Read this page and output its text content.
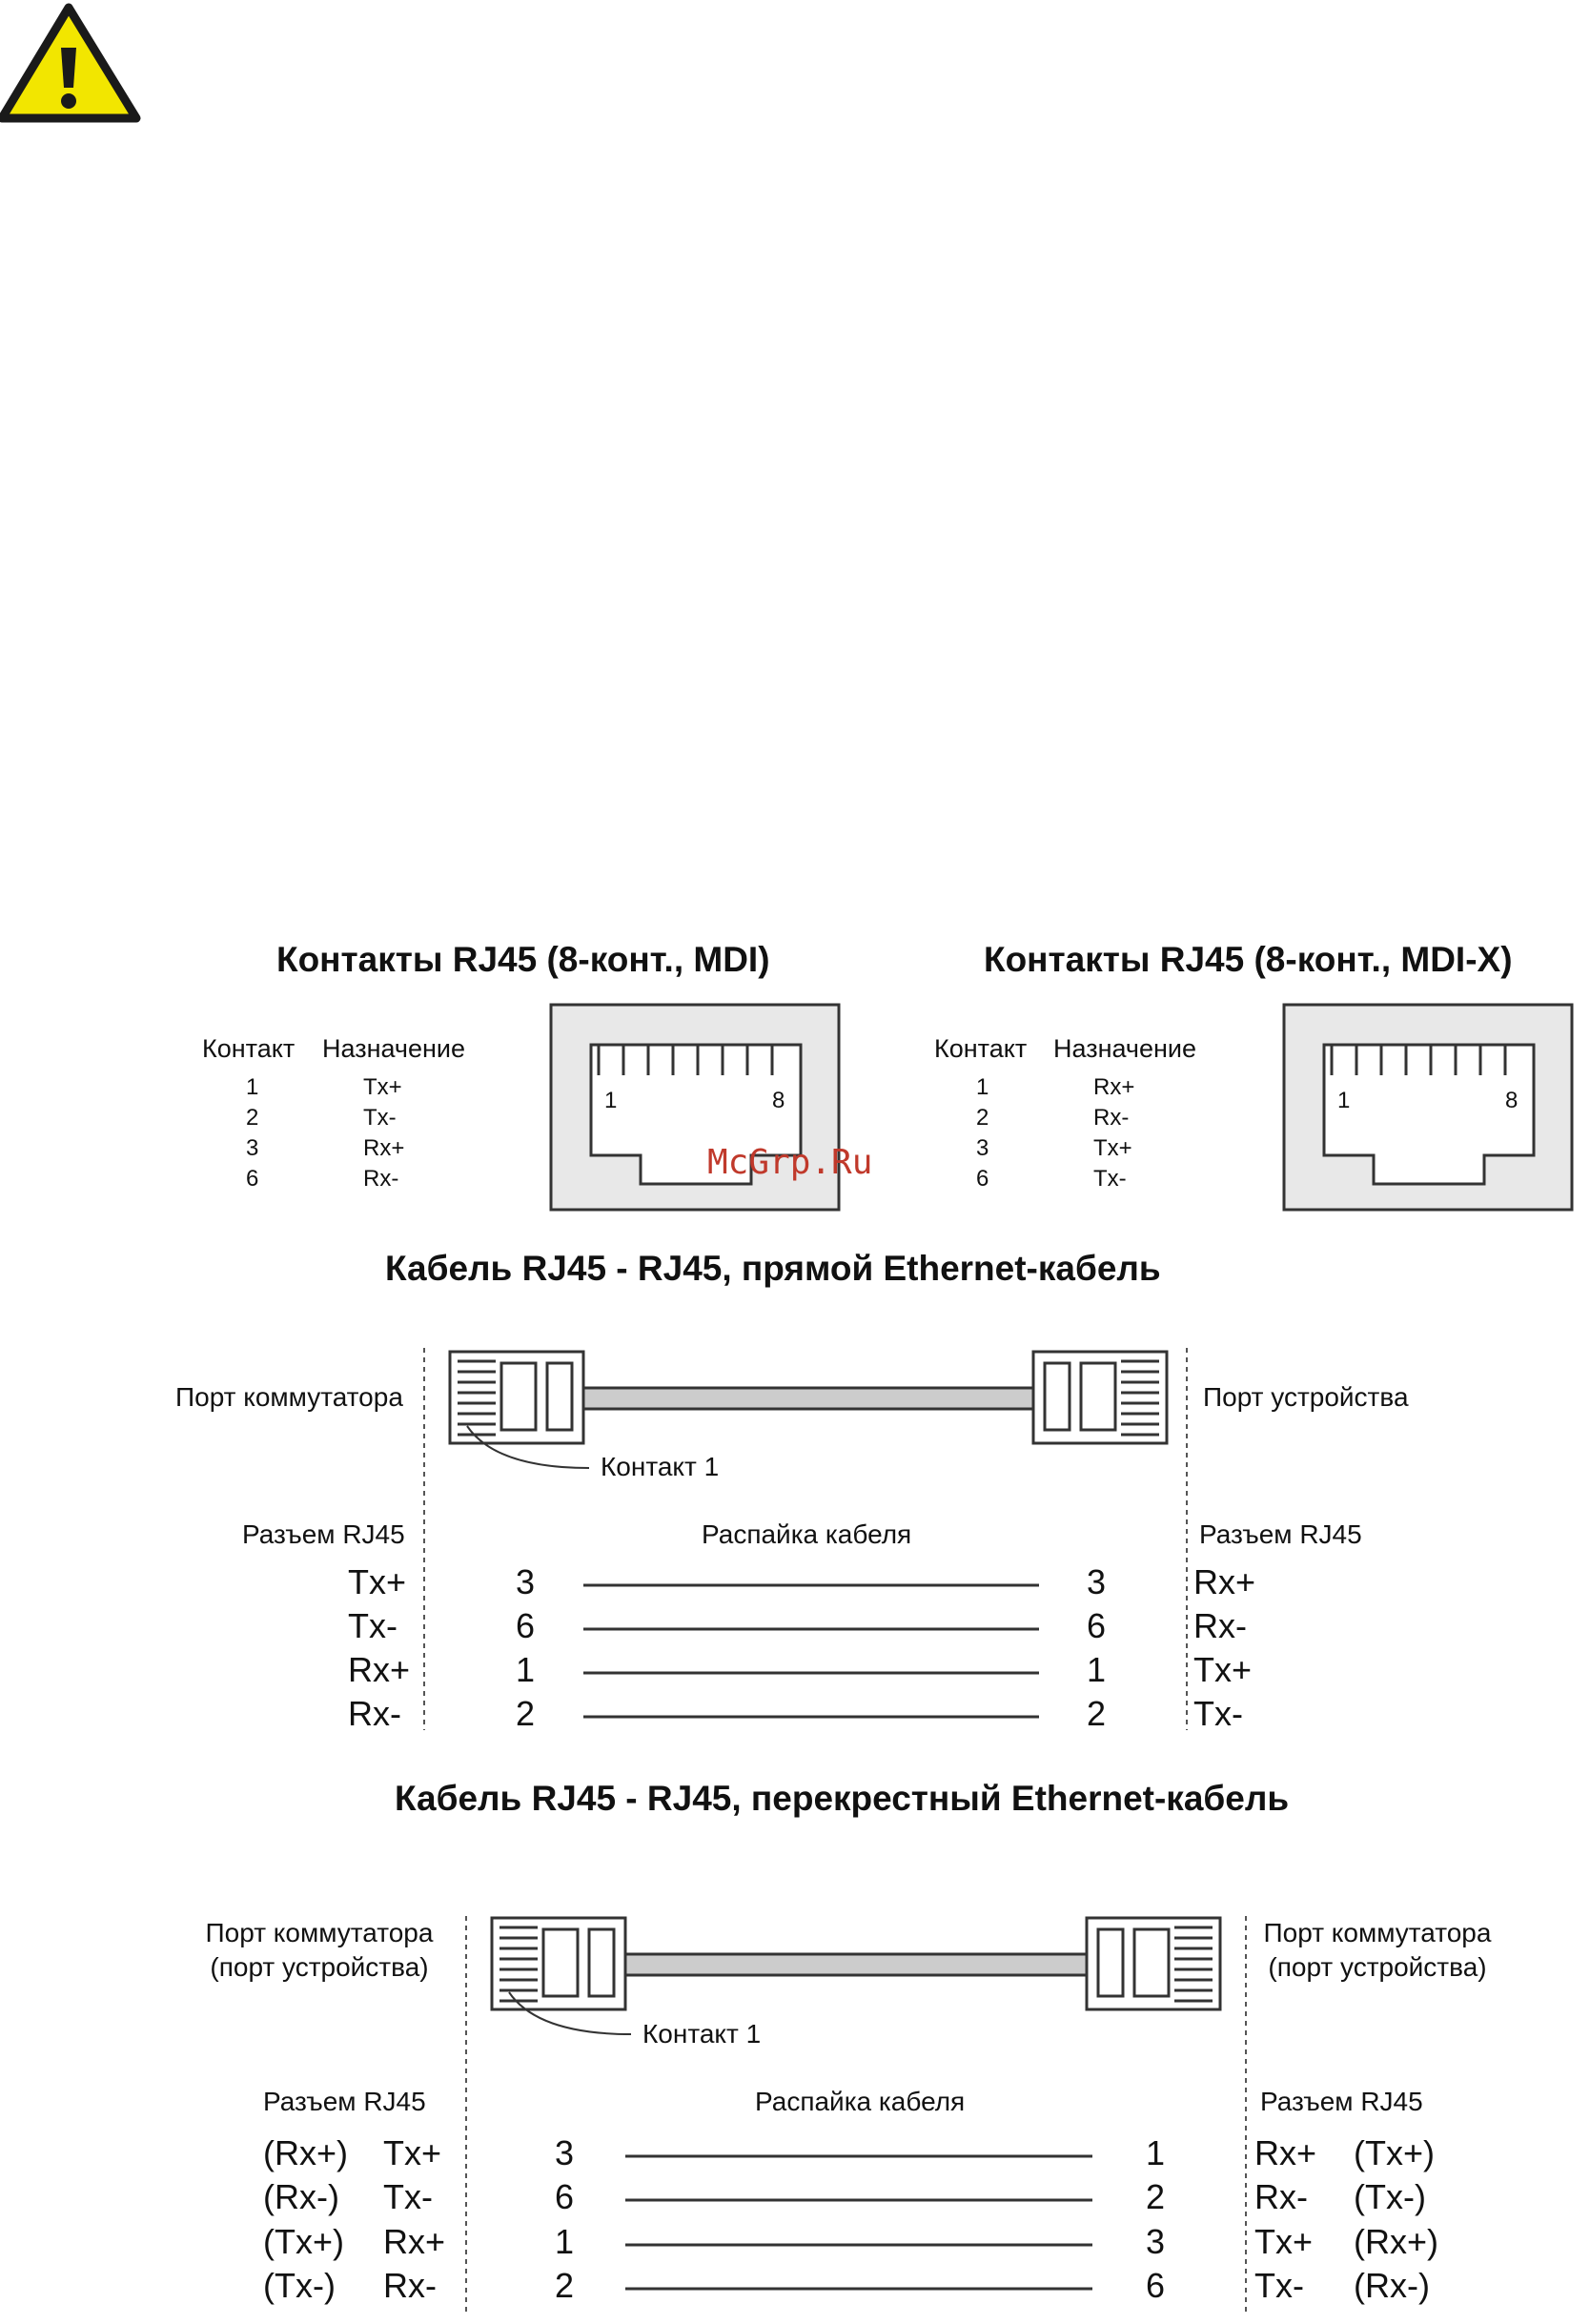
Контакты RJ45 (8-конт., MDI)
Контакт Назначение
1	Tx+
2	Tx-
3	Rx+
6	Rx-
1	8
Контакты RJ45 (8-конт., MDI-X)
Контакт Назначение
1	Rx+
2	Rx-
3	Tx+
6	Tx-
1	8
McGrp.Ru
Кабель RJ45 - RJ45, прямой Ethernet-кабель
Порт коммутатора	Порт устройства
Контакт 1
Разъем RJ45	Распайка кабеля	Разъем RJ45
Tx+	3	3	Rx+
Tx-	6	6	Rx-
Rx+	1	1	Tx+
Rx-	2	2	Tx-
Кабель RJ45 - RJ45, перекрестный Ethernet-кабель
Порт коммутатора
(порт устройства)
Порт коммутатора
(порт устройства)
Контакт 1
Разъем RJ45	Распайка кабеля	Разъем RJ45
(Rx+) Tx+	3	1	Rx+ (Tx+)
(Rx-) Tx-	6	2	Rx- (Tx-)
(Tx+) Rx+	1	3	Tx+ (Rx+)
(Tx-) Rx-	2	6	Tx- (Rx-)
